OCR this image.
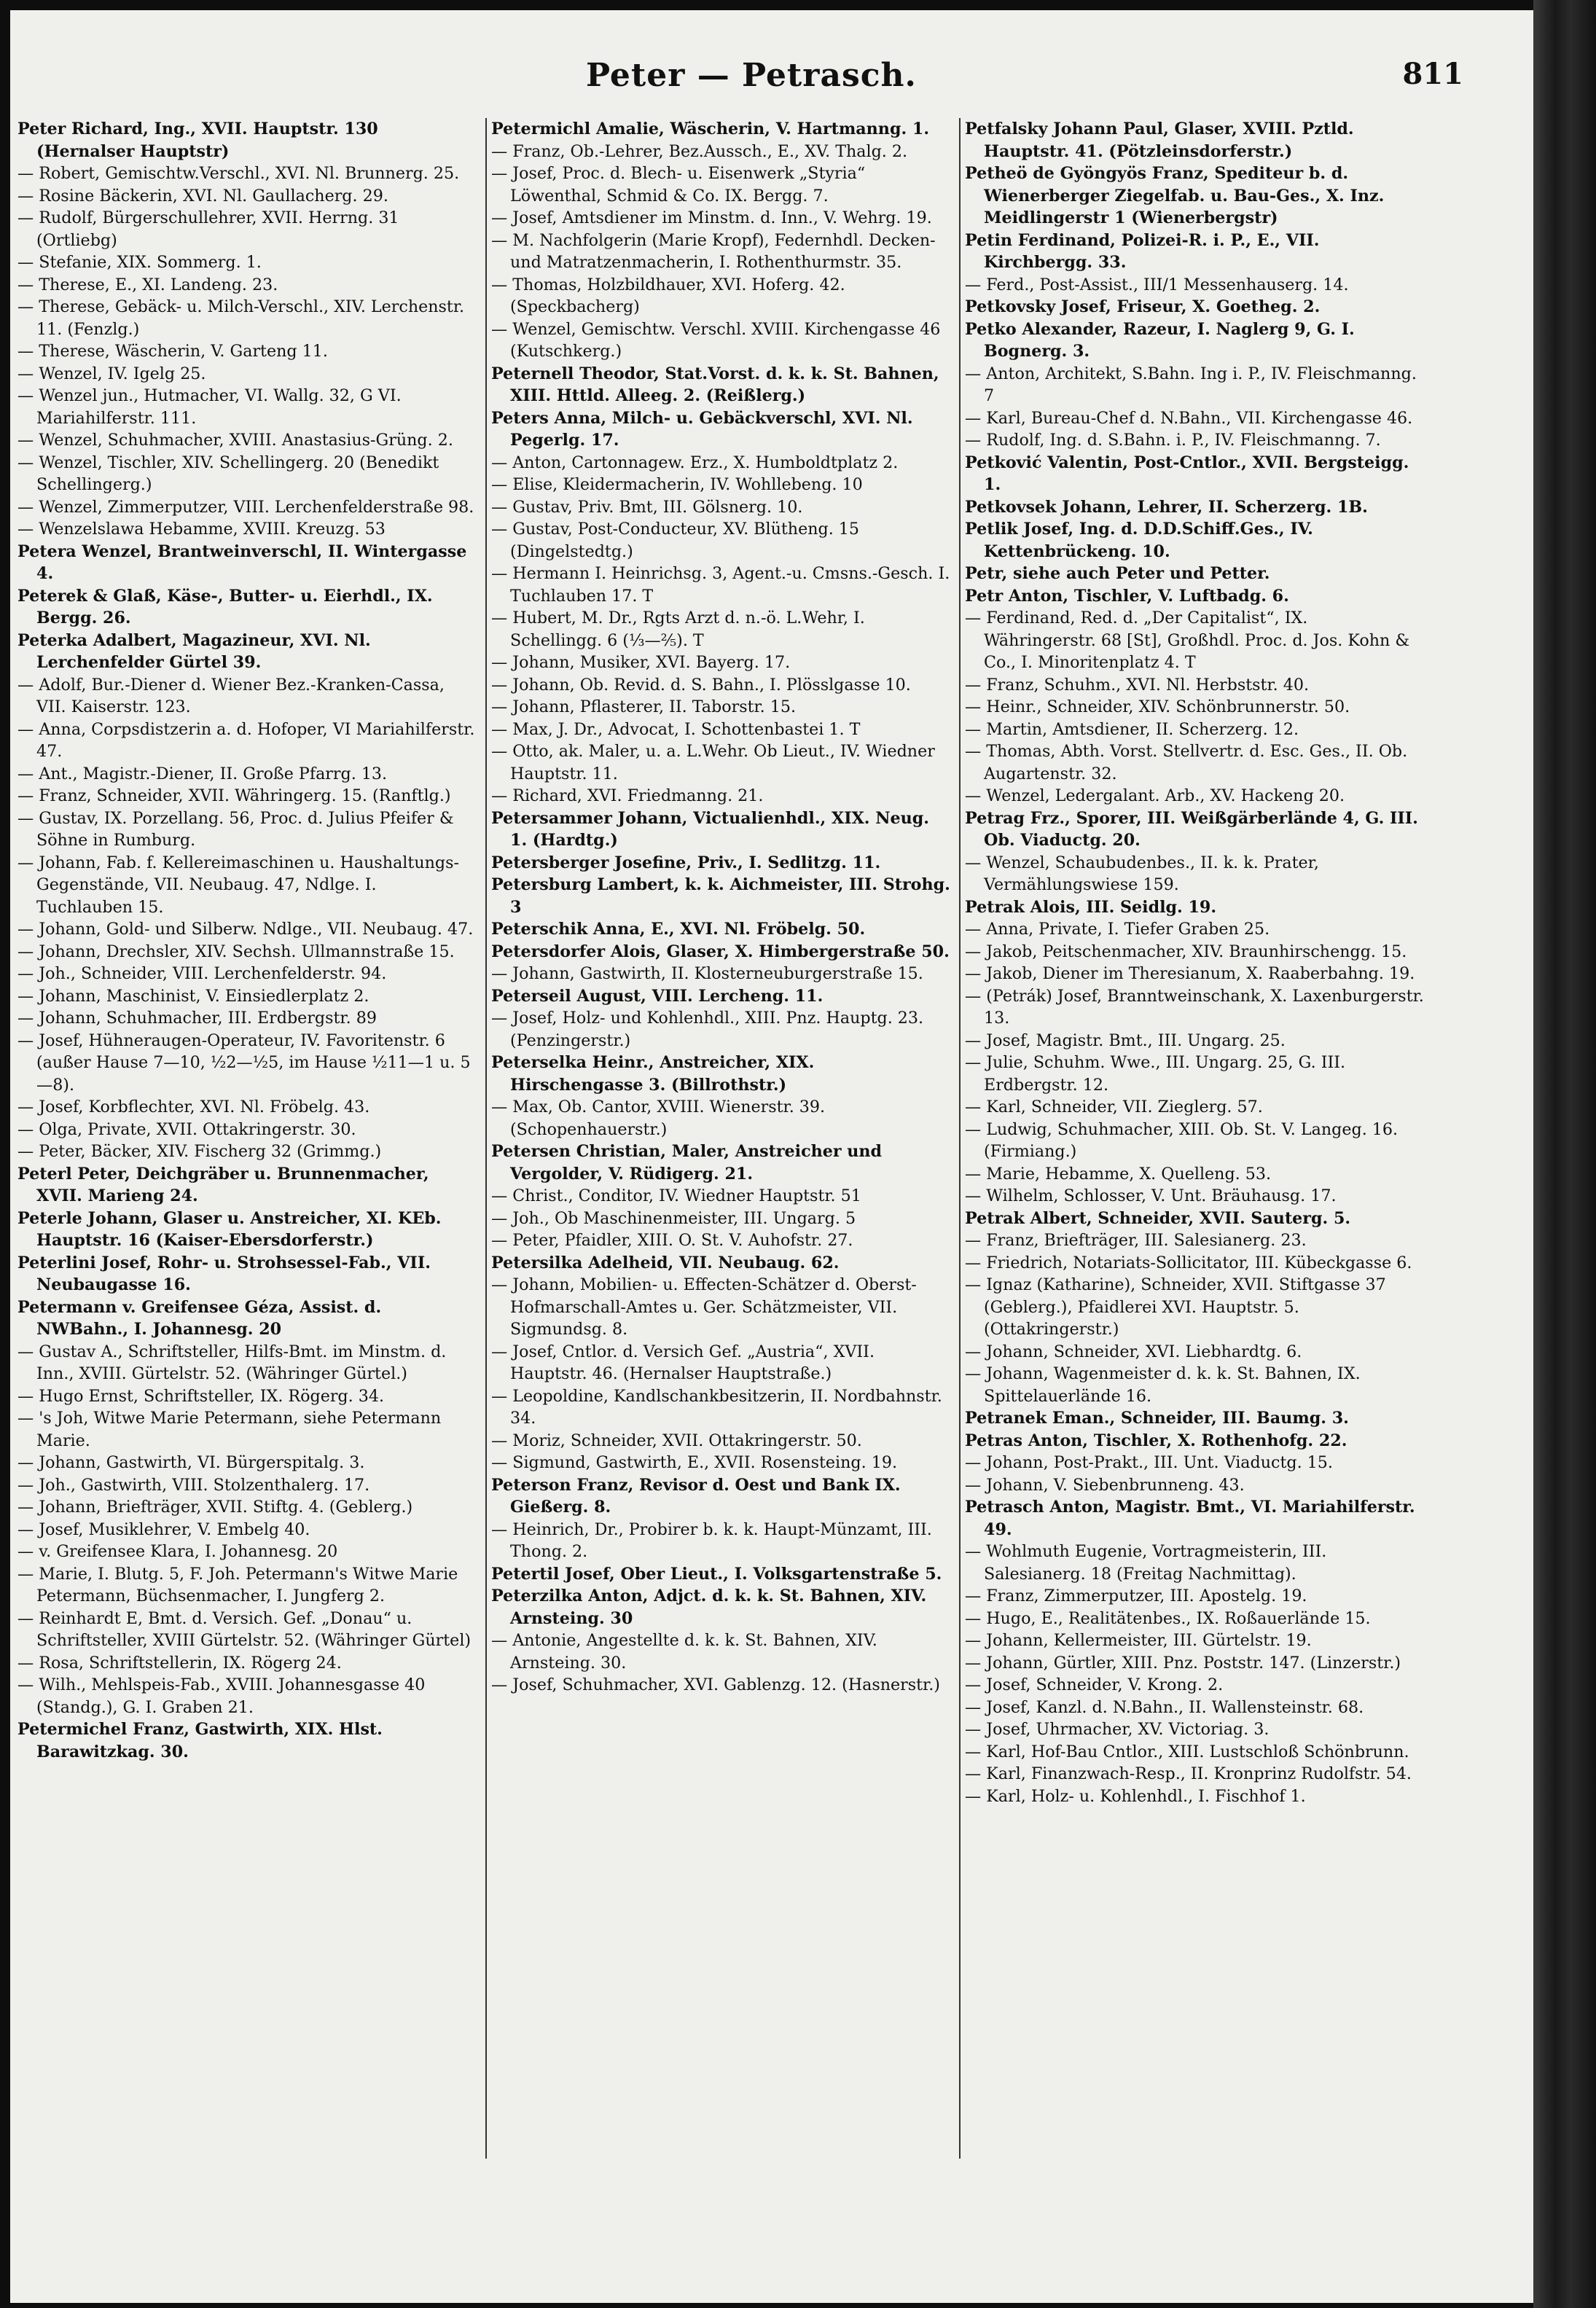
Peter — Petrasch.	811

Peter Richard, Ing., XVII. Hauptstr. 130 (Hernalser Hauptstr)

— Robert, Gemischtw.Verschl., XVI. Nl. Brunnerg. 25.

— Rosine Bäckerin, XVI. Nl. Gaullacherg. 29.

— Rudolf, Bürgerschullehrer, XVII. Herrng. 31 (Ortliebg)

— Stefanie, XIX. Sommerg. 1.

— Therese, E., XI. Landeng. 23.

— Therese, Gebäck- u. Milch-Verschl., XIV. Lerchenstr. 11. (Fenzlg.)

— Therese, Wäscherin, V. Garteng 11.

— Wenzel, IV. Igelg 25.

— Wenzel jun., Hutmacher, VI. Wallg. 32, G VI. Mariahilferstr. 111.

— Wenzel, Schuhmacher, XVIII. Anastasius-Grüng. 2.

— Wenzel, Tischler, XIV. Schellingerg. 20 (Benedikt Schellingerg.)

— Wenzel, Zimmerputzer, VIII. Lerchenfelderstraße 98.

— Wenzelslawa Hebamme, XVIII. Kreuzg. 53

Petera Wenzel, Brantweinverschl, II. Wintergasse 4.

Peterek & Glaß, Käse-, Butter- u. Eierhdl., IX. Bergg. 26.

Peterka Adalbert, Magazineur, XVI. Nl. Lerchenfelder Gürtel 39.

— Adolf, Bur.-Diener d. Wiener Bez.-Kranken-Cassa, VII. Kaiserstr. 123.

— Anna, Corpsdistzerin a. d. Hofoper, VI Mariahilferstr. 47.

— Ant., Magistr.-Diener, II. Große Pfarrg. 13.

— Franz, Schneider, XVII. Währingerg. 15. (Ranftlg.)

— Gustav, IX. Porzellang. 56, Proc. d. Julius Pfeifer & Söhne in Rumburg.

— Johann, Fab. f. Kellereimaschinen u. Haushaltungs-Gegenstände, VII. Neubaug. 47, Ndlge. I. Tuchlauben 15.

— Johann, Gold- und Silberw. Ndlge., VII. Neubaug. 47.

— Johann, Drechsler, XIV. Sechsh. Ullmannstraße 15.

— Joh., Schneider, VIII. Lerchenfelderstr. 94.

— Johann, Maschinist, V. Einsiedlerplatz 2.

— Johann, Schuhmacher, III. Erdbergstr. 89

— Josef, Hühneraugen-Operateur, IV. Favoritenstr. 6 (außer Hause 7—10, ½2—½5, im Hause ½11—1 u. 5—8).

— Josef, Korbflechter, XVI. Nl. Fröbelg. 43.

— Olga, Private, XVII. Ottakringerstr. 30.

— Peter, Bäcker, XIV. Fischerg 32 (Grimmg.)

Peterl Peter, Deichgräber u. Brunnenmacher, XVII. Marieng 24.

Peterle Johann, Glaser u. Anstreicher, XI. KEb. Hauptstr. 16 (Kaiser-Ebersdorferstr.)

Peterlini Josef, Rohr- u. Strohsessel-Fab., VII. Neubaugasse 16.

Petermann v. Greifensee Géza, Assist. d. NWBahn., I. Johannesg. 20

— Gustav A., Schriftsteller, Hilfs-Bmt. im Minstm. d. Inn., XVIII. Gürtelstr. 52. (Währinger Gürtel.)

— Hugo Ernst, Schriftsteller, IX. Rögerg. 34.

— 's Joh, Witwe Marie Petermann, siehe Petermann Marie.

— Johann, Gastwirth, VI. Bürgerspitalg. 3.

— Joh., Gastwirth, VIII. Stolzenthalerg. 17.

— Johann, Briefträger, XVII. Stiftg. 4. (Geblerg.)

— Josef, Musiklehrer, V. Embelg 40.

— v. Greifensee Klara, I. Johannesg. 20

— Marie, I. Blutg. 5, F. Joh. Petermann's Witwe Marie Petermann, Büchsenmacher, I. Jungferg 2.

— Reinhardt E, Bmt. d. Versich. Gef. „Donau“ u. Schriftsteller, XVIII Gürtelstr. 52. (Währinger Gürtel)

— Rosa, Schriftstellerin, IX. Rögerg 24.

— Wilh., Mehlspeis-Fab., XVIII. Johannesgasse 40 (Standg.), G. I. Graben 21.

Petermichel Franz, Gastwirth, XIX. Hlst. Barawitzkag. 30.

Petermichl Amalie, Wäscherin, V. Hartmanng. 1.

— Franz, Ob.-Lehrer, Bez.Aussch., E., XV. Thalg. 2.

— Josef, Proc. d. Blech- u. Eisenwerk „Styria“ Löwenthal, Schmid & Co. IX. Bergg. 7.

— Josef, Amtsdiener im Minstm. d. Inn., V. Wehrg. 19.

— M. Nachfolgerin (Marie Kropf), Federnhdl. Decken- und Matratzenmacherin, I. Rothenthurmstr. 35.

— Thomas, Holzbildhauer, XVI. Hoferg. 42. (Speckbacherg)

— Wenzel, Gemischtw. Verschl. XVIII. Kirchengasse 46 (Kutschkerg.)

Peternell Theodor, Stat.Vorst. d. k. k. St. Bahnen, XIII. Httld. Alleeg. 2. (Reißlerg.)

Peters Anna, Milch- u. Gebäckverschl, XVI. Nl. Pegerlg. 17.

— Anton, Cartonnagew. Erz., X. Humboldtplatz 2.

— Elise, Kleidermacherin, IV. Wohllebeng. 10

— Gustav, Priv. Bmt, III. Gölsnerg. 10.

— Gustav, Post-Conducteur, XV. Blütheng. 15 (Dingelstedtg.)

— Hermann I. Heinrichsg. 3, Agent.-u. Cmsns.-Gesch. I. Tuchlauben 17. T

— Hubert, M. Dr., Rgts Arzt d. n.-ö. L.Wehr, I. Schellingg. 6 (⅓—⅖). T

— Johann, Musiker, XVI. Bayerg. 17.

— Johann, Ob. Revid. d. S. Bahn., I. Plösslgasse 10.

— Johann, Pflasterer, II. Taborstr. 15.

— Max, J. Dr., Advocat, I. Schottenbastei 1. T

— Otto, ak. Maler, u. a. L.Wehr. Ob Lieut., IV. Wiedner Hauptstr. 11.

— Richard, XVI. Friedmanng. 21.

Petersammer Johann, Victualienhdl., XIX. Neug. 1. (Hardtg.)

Petersberger Josefine, Priv., I. Sedlitzg. 11.

Petersburg Lambert, k. k. Aichmeister, III. Strohg. 3

Peterschik Anna, E., XVI. Nl. Fröbelg. 50.

Petersdorfer Alois, Glaser, X. Himbergerstraße 50.

— Johann, Gastwirth, II. Klosterneuburgerstraße 15.

Peterseil August, VIII. Lercheng. 11.

— Josef, Holz- und Kohlenhdl., XIII. Pnz. Hauptg. 23. (Penzingerstr.)

Peterselka Heinr., Anstreicher, XIX. Hirschengasse 3. (Billrothstr.)

— Max, Ob. Cantor, XVIII. Wienerstr. 39. (Schopenhauerstr.)

Petersen Christian, Maler, Anstreicher und Vergolder, V. Rüdigerg. 21.

— Christ., Conditor, IV. Wiedner Hauptstr. 51

— Joh., Ob Maschinenmeister, III. Ungarg. 5

— Peter, Pfaidler, XIII. O. St. V. Auhofstr. 27.

Petersilka Adelheid, VII. Neubaug. 62.

— Johann, Mobilien- u. Effecten-Schätzer d. Oberst-Hofmarschall-Amtes u. Ger. Schätzmeister, VII. Sigmundsg. 8.

— Josef, Cntlor. d. Versich Gef. „Austria“, XVII. Hauptstr. 46. (Hernalser Hauptstraße.)

— Leopoldine, Kandlschankbesitzerin, II. Nordbahnstr. 34.

— Moriz, Schneider, XVII. Ottakringerstr. 50.

— Sigmund, Gastwirth, E., XVII. Rosensteing. 19.

Peterson Franz, Revisor d. Oest und Bank IX. Gießerg. 8.

— Heinrich, Dr., Probirer b. k. k. Haupt-Münzamt, III. Thong. 2.

Petertil Josef, Ober Lieut., I. Volksgartenstraße 5.

Peterzilka Anton, Adjct. d. k. k. St. Bahnen, XIV. Arnsteing. 30

— Antonie, Angestellte d. k. k. St. Bahnen, XIV. Arnsteing. 30.

— Josef, Schuhmacher, XVI. Gablenzg. 12. (Hasnerstr.)

Petfalsky Johann Paul, Glaser, XVIII. Pztld. Hauptstr. 41. (Pötzleinsdorferstr.)

Petheö de Gyöngyös Franz, Spediteur b. d. Wienerberger Ziegelfab. u. Bau-Ges., X. Inz. Meidlingerstr 1 (Wienerbergstr)

Petin Ferdinand, Polizei-R. i. P., E., VII. Kirchbergg. 33.

— Ferd., Post-Assist., III/1 Messenhauserg. 14.

Petkovsky Josef, Friseur, X. Goetheg. 2.

Petko Alexander, Razeur, I. Naglerg 9, G. I. Bognerg. 3.

— Anton, Architekt, S.Bahn. Ing i. P., IV. Fleischmanng. 7

— Karl, Bureau-Chef d. N.Bahn., VII. Kirchengasse 46.

— Rudolf, Ing. d. S.Bahn. i. P., IV. Fleischmanng. 7.

Petković Valentin, Post-Cntlor., XVII. Bergsteigg. 1.

Petkovsek Johann, Lehrer, II. Scherzerg. 1B.

Petlik Josef, Ing. d. D.D.Schiff.Ges., IV. Kettenbrückeng. 10.

Petr, siehe auch Peter und Petter.

Petr Anton, Tischler, V. Luftbadg. 6.

— Ferdinand, Red. d. „Der Capitalist“, IX. Währingerstr. 68 [St], Großhdl. Proc. d. Jos. Kohn & Co., I. Minoritenplatz 4. T

— Franz, Schuhm., XVI. Nl. Herbststr. 40.

— Heinr., Schneider, XIV. Schönbrunnerstr. 50.

— Martin, Amtsdiener, II. Scherzerg. 12.

— Thomas, Abth. Vorst. Stellvertr. d. Esc. Ges., II. Ob. Augartenstr. 32.

— Wenzel, Ledergalant. Arb., XV. Hackeng 20.

Petrag Frz., Sporer, III. Weißgärberlände 4, G. III. Ob. Viaductg. 20.

— Wenzel, Schaubudenbes., II. k. k. Prater, Vermählungswiese 159.

Petrak Alois, III. Seidlg. 19.

— Anna, Private, I. Tiefer Graben 25.

— Jakob, Peitschenmacher, XIV. Braunhirschengg. 15.

— Jakob, Diener im Theresianum, X. Raaberbahng. 19.

— (Petrák) Josef, Branntweinschank, X. Laxenburgerstr. 13.

— Josef, Magistr. Bmt., III. Ungarg. 25.

— Julie, Schuhm. Wwe., III. Ungarg. 25, G. III. Erdbergstr. 12.

— Karl, Schneider, VII. Zieglerg. 57.

— Ludwig, Schuhmacher, XIII. Ob. St. V. Langeg. 16. (Firmiang.)

— Marie, Hebamme, X. Quelleng. 53.

— Wilhelm, Schlosser, V. Unt. Bräuhausg. 17.

Petrak Albert, Schneider, XVII. Sauterg. 5.

— Franz, Briefträger, III. Salesianerg. 23.

— Friedrich, Notariats-Sollicitator, III. Kübeckgasse 6.

— Ignaz (Katharine), Schneider, XVII. Stiftgasse 37 (Geblerg.), Pfaidlerei XVI. Hauptstr. 5. (Ottakringerstr.)

— Johann, Schneider, XVI. Liebhardtg. 6.

— Johann, Wagenmeister d. k. k. St. Bahnen, IX. Spittelauerlände 16.

Petranek Eman., Schneider, III. Baumg. 3.

Petras Anton, Tischler, X. Rothenhofg. 22.

— Johann, Post-Prakt., III. Unt. Viaductg. 15.

— Johann, V. Siebenbrunneng. 43.

Petrasch Anton, Magistr. Bmt., VI. Mariahilferstr. 49.

— Wohlmuth Eugenie, Vortragmeisterin, III. Salesianerg. 18 (Freitag Nachmittag).

— Franz, Zimmerputzer, III. Apostelg. 19.

— Hugo, E., Realitätenbes., IX. Roßauerlände 15.

— Johann, Kellermeister, III. Gürtelstr. 19.

— Johann, Gürtler, XIII. Pnz. Poststr. 147. (Linzerstr.)

— Josef, Schneider, V. Krong. 2.

— Josef, Kanzl. d. N.Bahn., II. Wallensteinstr. 68.

— Josef, Uhrmacher, XV. Victoriag. 3.

— Karl, Hof-Bau Cntlor., XIII. Lustschloß Schönbrunn.

— Karl, Finanzwach-Resp., II. Kronprinz Rudolfstr. 54.

— Karl, Holz- u. Kohlenhdl., I. Fischhof 1.
